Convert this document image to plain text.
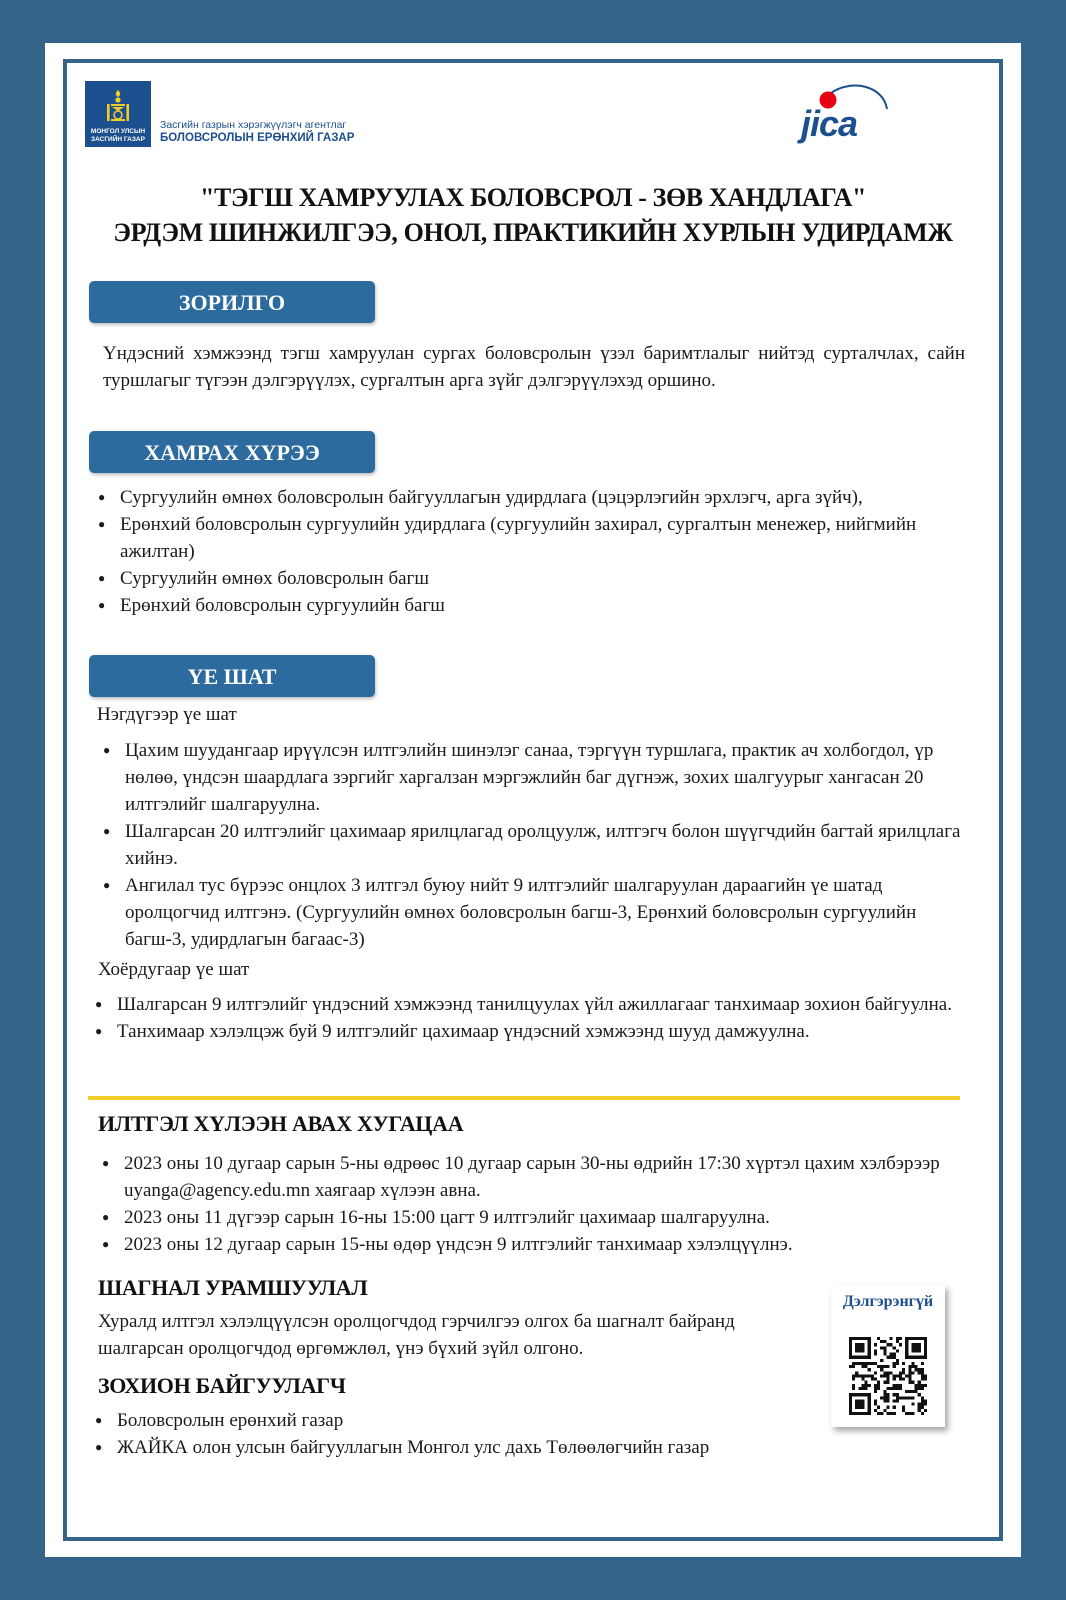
МОНГОЛ УЛСЫН
ЗАСГИЙН ГАЗАР
Засгийн газрын хэрэгжүүлэгч агентлаг
БОЛОВСРОЛЫН ЕРӨНХИЙ ГАЗАР	jica
"ТЭГШ ХАМРУУЛАХ БОЛОВСРОЛ - ЗӨВ ХАНДЛАГА"
ЭРДЭМ ШИНЖИЛГЭЭ, ОНОЛ, ПРАКТИКИЙН ХУРЛЫН УДИРДАМЖ
ЗОРИЛГО
Үндэсний хэмжээнд тэгш хамруулан сургах боловсролын үзэл баримтлалыг нийтэд сурталчлах, сайн туршлагыг түгээн дэлгэрүүлэх, сургалтын арга зүйг дэлгэрүүлэхэд оршино.
ХАМРАХ ХҮРЭЭ
● Сургуулийн өмнөх боловсролын байгууллагын удирдлага (цэцэрлэгийн эрхлэгч, арга зүйч),
● Ерөнхий боловсролын сургуулийн удирдлага (сургуулийн захирал, сургалтын менежер, нийгмийн ажилтан)
● Сургуулийн өмнөх боловсролын багш
● Ерөнхий боловсролын сургуулийн багш
ҮЕ ШАТ
Нэгдүгээр үе шат
● Цахим шуудангаар ирүүлсэн илтгэлийн шинэлэг санаа, тэргүүн туршлага, практик ач холбогдол, үр нөлөө, үндсэн шаардлага зэргийг харгалзан мэргэжлийн баг дүгнэж, зохих шалгуурыг хангасан 20 илтгэлийг шалгаруулна.
● Шалгарсан 20 илтгэлийг цахимаар ярилцлагад оролцуулж, илтгэгч болон шүүгчдийн багтай ярилцлага хийнэ.
● Ангилал тус бүрээс онцлох 3 илтгэл буюу нийт 9 илтгэлийг шалгаруулан дараагийн үе шатад оролцогчид илтгэнэ. (Сургуулийн өмнөх боловсролын багш-3, Ерөнхий боловсролын сургуулийн багш-3, удирдлагын багаас-3)
Хоёрдугаар үе шат
● Шалгарсан 9 илтгэлийг үндэсний хэмжээнд танилцуулах үйл ажиллагааг танхимаар зохион байгуулна.
● Танхимаар хэлэлцэж буй 9 илтгэлийг цахимаар үндэсний хэмжээнд шууд дамжуулна.
ИЛТГЭЛ ХҮЛЭЭН АВАХ ХУГАЦАА
● 2023 оны 10 дугаар сарын 5-ны өдрөөс 10 дугаар сарын 30-ны өдрийн 17:30 хүртэл цахим хэлбэрээр uyanga@agency.edu.mn хаягаар хүлээн авна.
● 2023 оны 11 дүгээр сарын 16-ны 15:00 цагт 9 илтгэлийг цахимаар шалгаруулна.
● 2023 оны 12 дугаар сарын 15-ны өдөр үндсэн 9 илтгэлийг танхимаар хэлэлцүүлнэ.
ШАГНАЛ УРАМШУУЛАЛ
Хуралд илтгэл хэлэлцүүлсэн оролцогчдод гэрчилгээ олгох ба шагналт байранд шалгарсан оролцогчдод өргөмжлөл, үнэ бүхий зүйл олгоно.
ЗОХИОН БАЙГУУЛАГЧ
● Боловсролын ерөнхий газар
● ЖАЙКА олон улсын байгууллагын Монгол улс дахь Төлөөлөгчийн газар
Дэлгэрэнгүй
